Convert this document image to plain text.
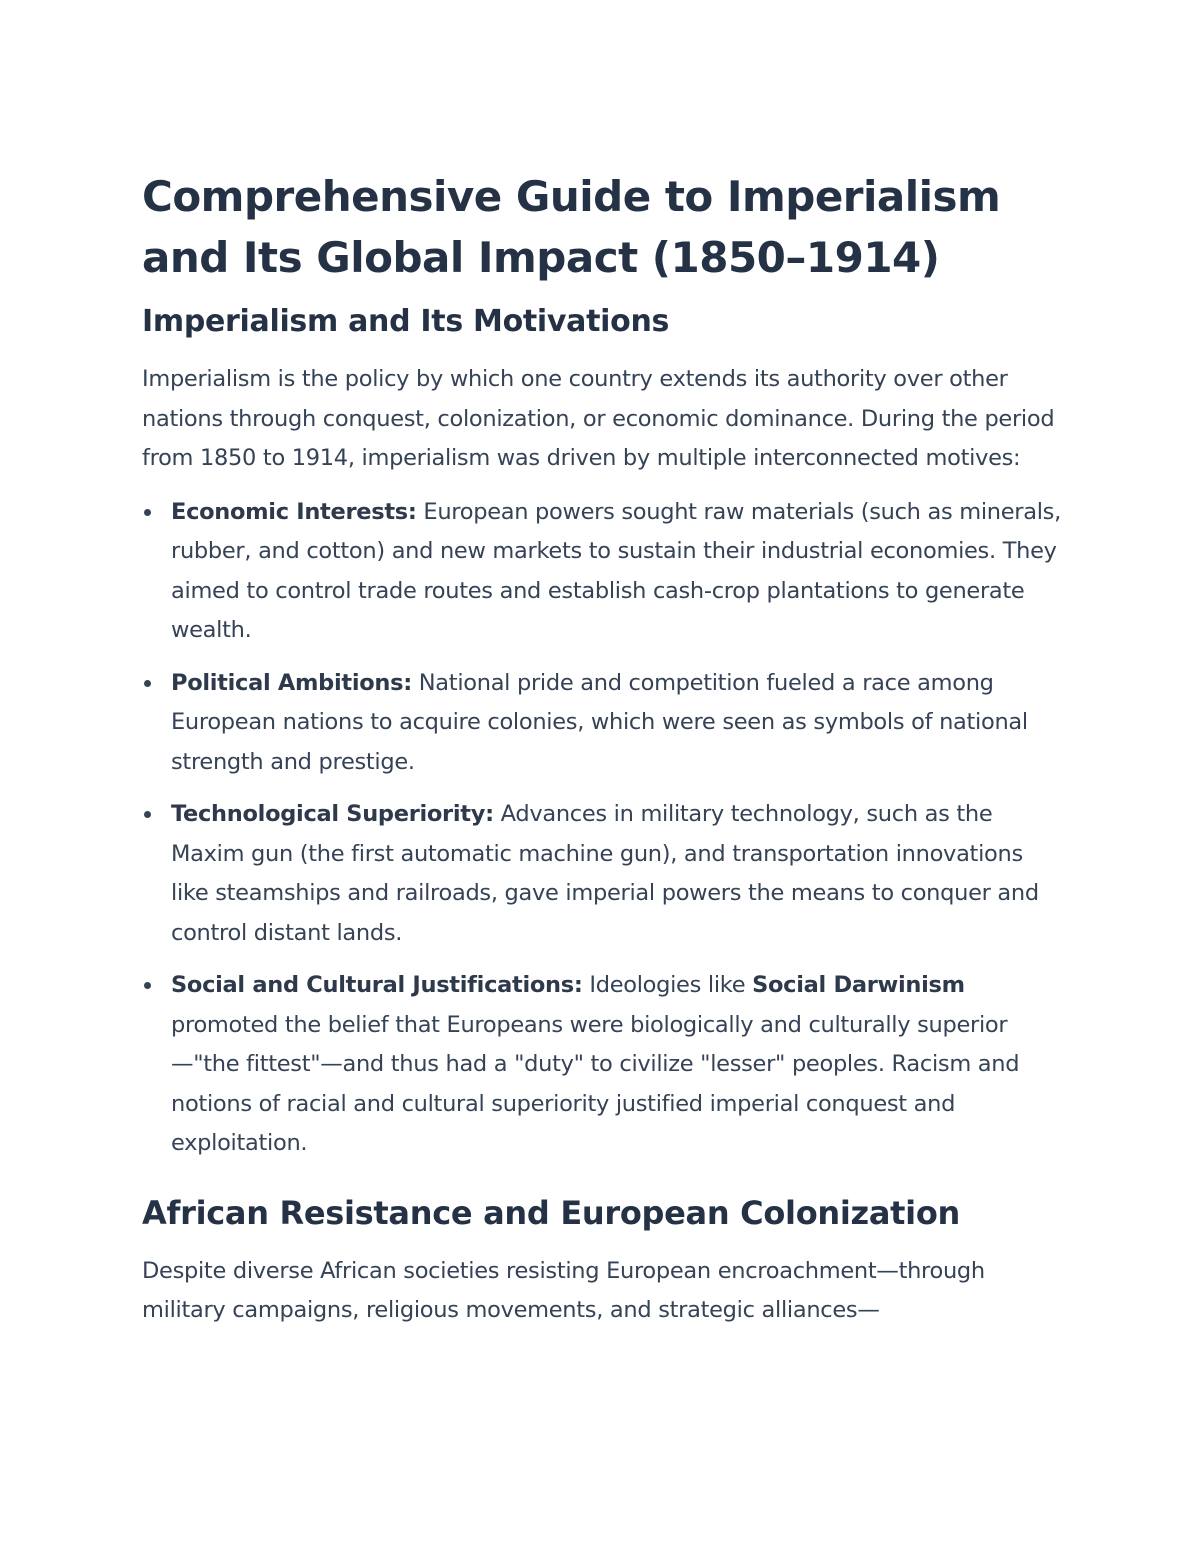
Comprehensive Guide to Imperialism and Its Global Impact (1850–1914)
Imperialism and Its Motivations

Imperialism is the policy by which one country extends its authority over other nations through conquest, colonization, or economic dominance. During the period from 1850 to 1914, imperialism was driven by multiple interconnected motives:

Economic Interests: European powers sought raw materials (such as minerals, rubber, and cotton) and new markets to sustain their industrial economies. They aimed to control trade routes and establish cash-crop plantations to generate wealth.
Political Ambitions: National pride and competition fueled a race among European nations to acquire colonies, which were seen as symbols of national strength and prestige.
Technological Superiority: Advances in military technology, such as the Maxim gun (the first automatic machine gun), and transportation innovations like steamships and railroads, gave imperial powers the means to conquer and control distant lands.
Social and Cultural Justifications: Ideologies like Social Darwinism promoted the belief that Europeans were biologically and culturally superior—"the fittest"—and thus had a "duty" to civilize "lesser" peoples. Racism and notions of racial and cultural superiority justified imperial conquest and exploitation.
African Resistance and European Colonization

Despite diverse African societies resisting European encroachment—through military campaigns, religious movements, and strategic alliances—
